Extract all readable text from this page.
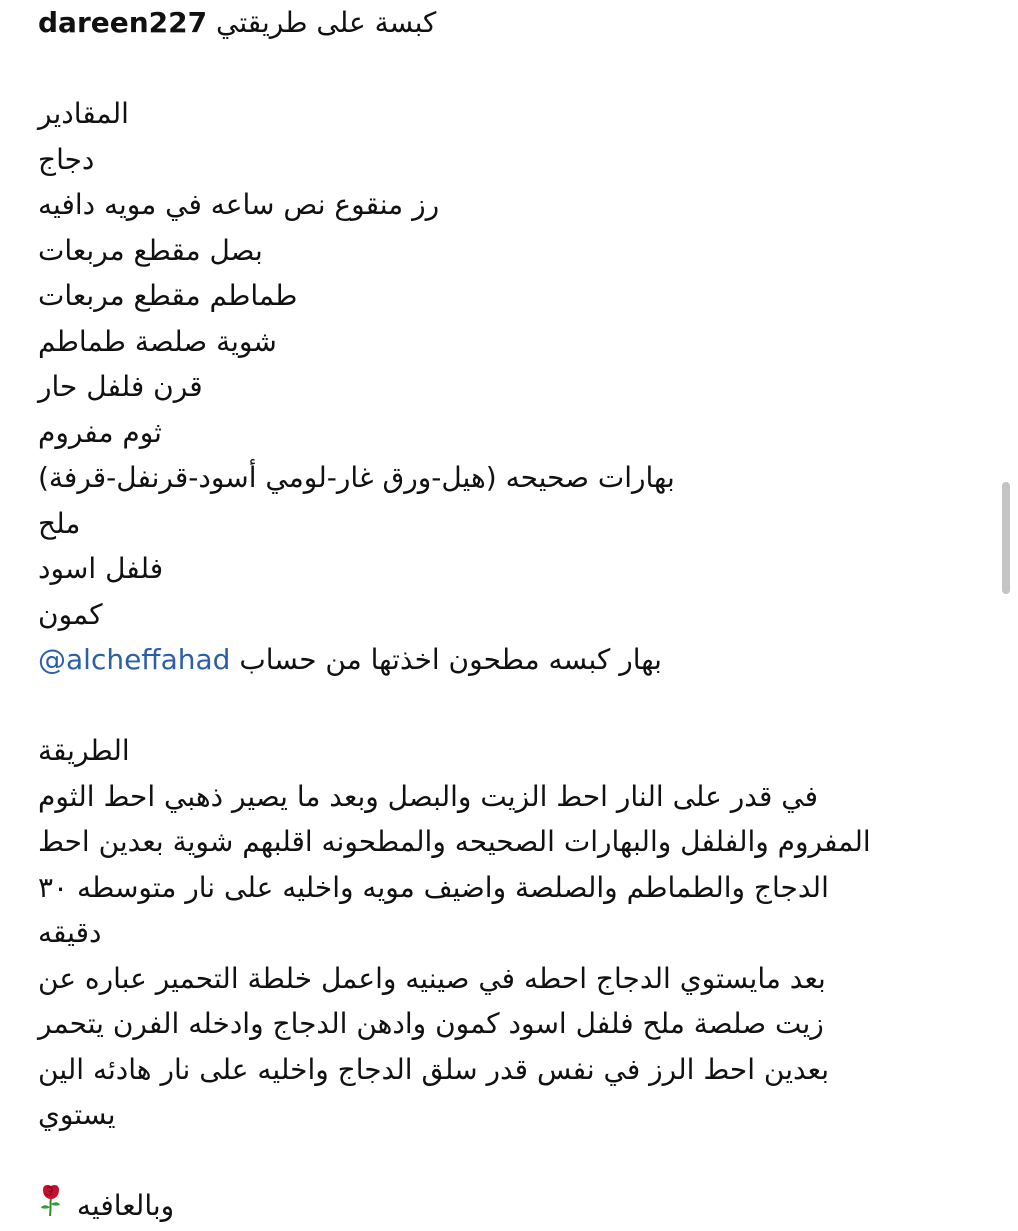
كبسة على طريقتي dareen227
المقادير
دجاج
رز منقوع نص ساعه في مويه دافيه
بصل مقطع مربعات
طماطم مقطع مربعات
شوية صلصة طماطم
قرن فلفل حار
ثوم مفروم
بهارات صحيحه (هيل-ورق غار-لومي أسود-قرنفل-قرفة)
ملح
فلفل اسود
كمون
بهار كبسه مطحون اخذتها من حساب @alcheffahad
الطريقة
في قدر على النار احط الزيت والبصل وبعد ما يصير ذهبي احط الثوم
المفروم والفلفل والبهارات الصحيحه والمطحونه اقلبهم شوية بعدين احط
الدجاج والطماطم والصلصة واضيف مويه واخليه على نار متوسطه ٣٠
دقيقه
بعد مايستوي الدجاج احطه في صينيه واعمل خلطة التحمير عباره عن
زيت صلصة ملح فلفل اسود كمون وادهن الدجاج وادخله الفرن يتحمر
بعدين احط الرز في نفس قدر سلق الدجاج واخليه على نار هادئه الين
يستوي
وبالعافيه
